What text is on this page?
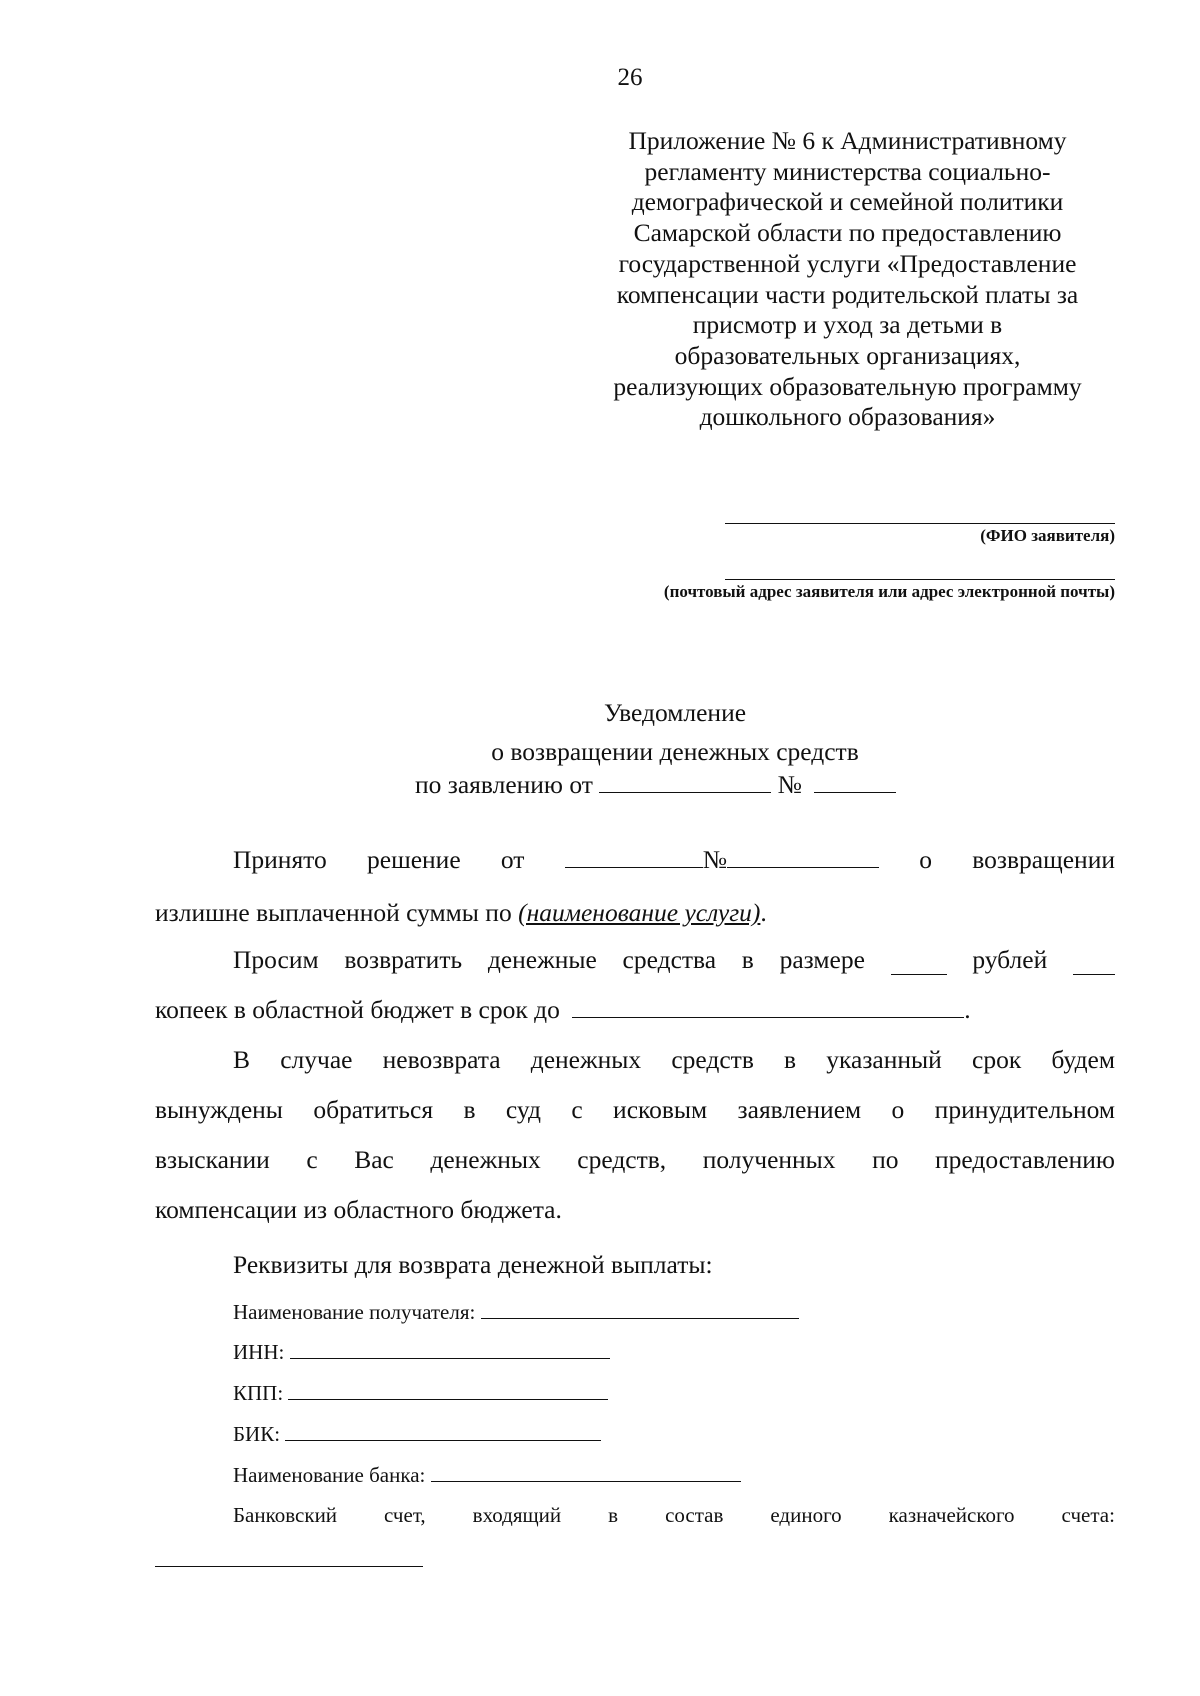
26
Приложение № 6 к Административному
регламенту министерства социально-
демографической и семейной политики
Самарской области по предоставлению
государственной услуги «Предоставление
компенсации части родительской платы за
присмотр и уход за детьми в
образовательных организациях,
реализующих образовательную программу
дошкольного образования»
(ФИО заявителя)
(почтовый адрес заявителя или адрес электронной почты)
Уведомление
о возвращении денежных средств
по заявлению от	№
Принято решение от	№	о возвращении
излишне выплаченной суммы по (наименование услуги).
Просим возвратить денежные средства в размере	рублей
копеек в областной бюджет в срок до	.
В случае невозврата денежных средств в указанный срок будем
вынуждены обратиться в суд с исковым заявлением о принудительном
взыскании с Вас денежных средств, полученных по предоставлению
компенсации из областного бюджета.
Реквизиты для возврата денежной выплаты:
Наименование получателя:
ИНН:
КПП:
БИК:
Наименование банка:
Банковский счет, входящий в состав единого казначейского счета:
